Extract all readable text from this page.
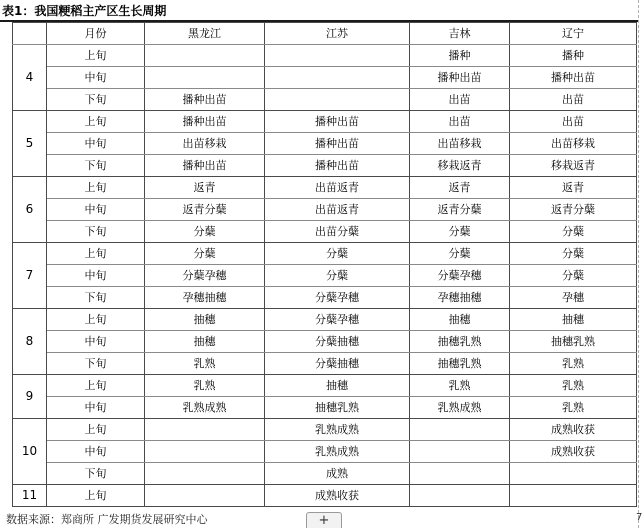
表1：我国粳稻主产区生长周期
	月份	黑龙江	江苏	吉林	辽宁
4	上旬			播种	播种
	中旬			播种出苗	播种出苗
	下旬	播种出苗		出苗	出苗
5	上旬	播种出苗	播种出苗	出苗	出苗
	中旬	出苗移栽	播种出苗	出苗移栽	出苗移栽
	下旬	播种出苗	播种出苗	移栽返青	移栽返青
6	上旬	返青	出苗返青	返青	返青
	中旬	返青分蘖	出苗返青	返青分蘖	返青分蘖
	下旬	分蘖	出苗分蘖	分蘖	分蘖
7	上旬	分蘖	分蘖	分蘖	分蘖
	中旬	分蘖孕穗	分蘖	分蘖孕穗	分蘖
	下旬	孕穗抽穗	分蘖孕穗	孕穗抽穗	孕穗
8	上旬	抽穗	分蘖孕穗	抽穗	抽穗
	中旬	抽穗	分蘖抽穗	抽穗乳熟	抽穗乳熟
	下旬	乳熟	分蘖抽穗	抽穗乳熟	乳熟
9	上旬	乳熟	抽穗	乳熟	乳熟
	中旬	乳熟成熟	抽穗乳熟	乳熟成熟	乳熟
10	上旬		乳熟成熟		成熟收获
	中旬		乳熟成熟		成熟收获
	下旬		成熟		
11	上旬		成熟收获		
数据来源：郑商所 广发期货发展研究中心	+	7
